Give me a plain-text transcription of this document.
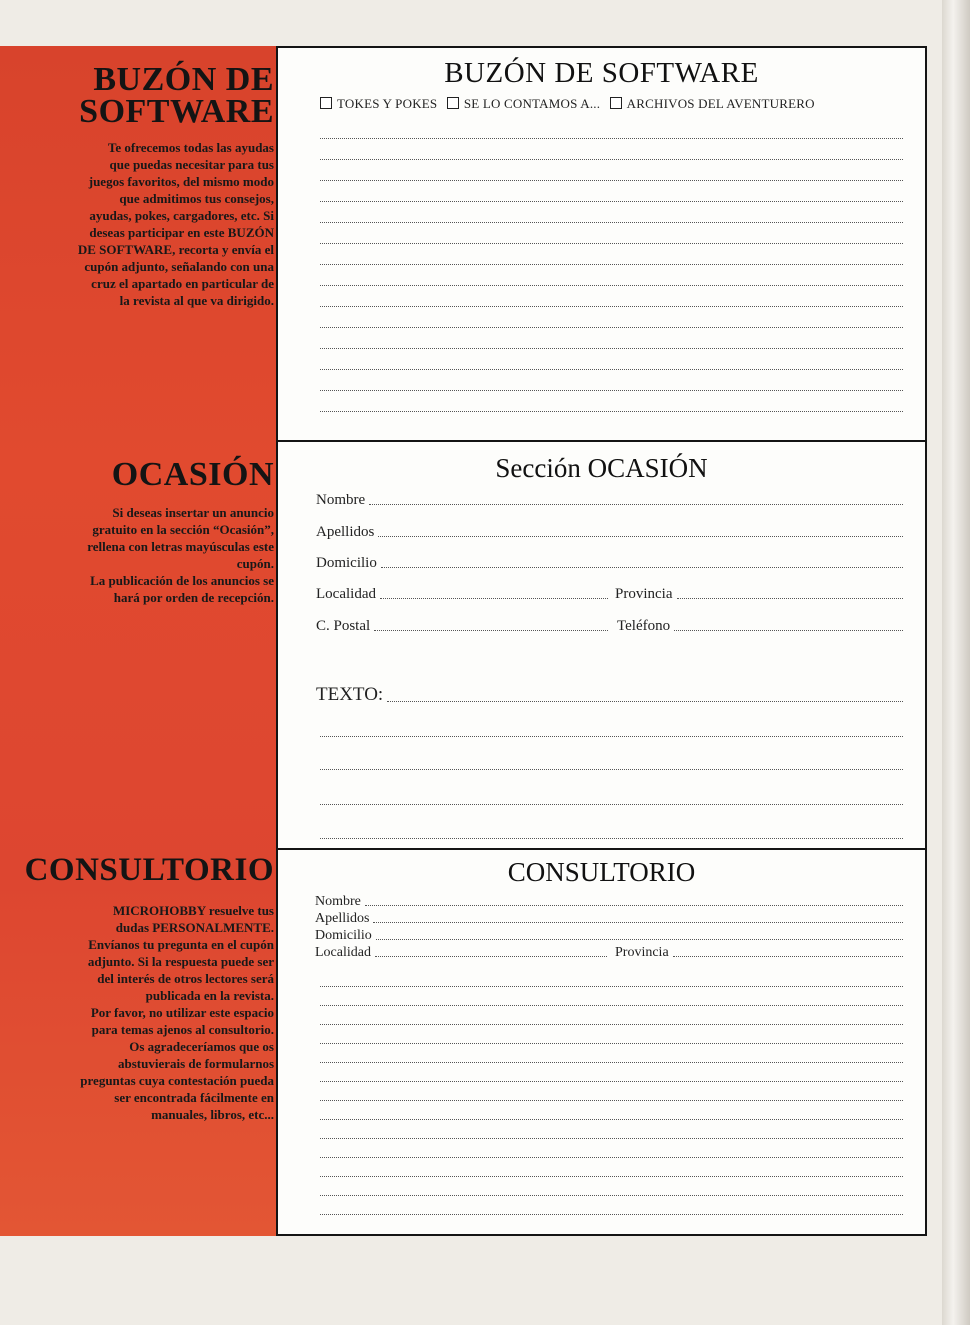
BUZÓN DE
SOFTWARE

Te ofrecemos todas las ayudas
que puedas necesitar para tus
juegos favoritos, del mismo modo
que admitimos tus consejos,
ayudas, pokes, cargadores, etc. Si
deseas participar en este BUZÓN
DE SOFTWARE, recorta y envía el
cupón adjunto, señalando con una
cruz el apartado en particular de
la revista al que va dirigido.

OCASIÓN

Si deseas insertar un anuncio
gratuito en la sección “Ocasión”,
rellena con letras mayúsculas este
cupón.
La publicación de los anuncios se
hará por orden de recepción.

CONSULTORIO

MICROHOBBY resuelve tus
dudas PERSONALMENTE.
Envíanos tu pregunta en el cupón
adjunto. Si la respuesta puede ser
del interés de otros lectores será
publicada en la revista.
Por favor, no utilizar este espacio
para temas ajenos al consultorio.
Os agradeceríamos que os
abstuvierais de formularnos
preguntas cuya contestación pueda
ser encontrada fácilmente en
manuales, libros, etc...

BUZÓN DE SOFTWARE
TOKES Y POKES SE LO CONTAMOS A... ARCHIVOS DEL AVENTURERO
Sección OCASIÓN
Nombre
Apellidos
Domicilio
Localidad	Provincia
C. Postal	Teléfono
TEXTO:
CONSULTORIO
Nombre
Apellidos
Domicilio
Localidad	Provincia
